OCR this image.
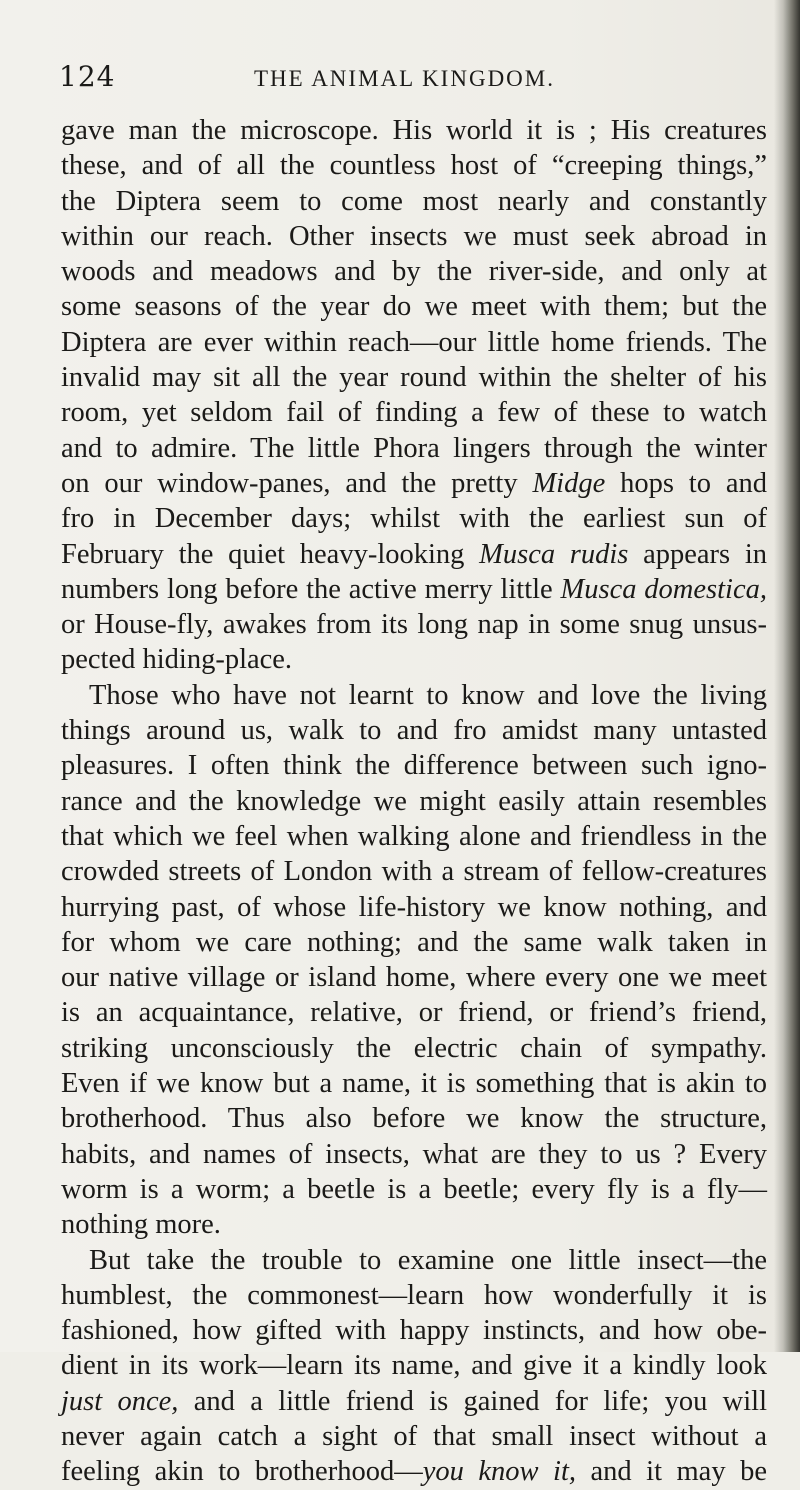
124	THE ANIMAL KINGDOM.
gave man the microscope. His world it is ; His creatures
these, and of all the countless host of “creeping things,”
the Diptera seem to come most nearly and constantly
within our reach. Other insects we must seek abroad in
woods and meadows and by the river-side, and only at
some seasons of the year do we meet with them; but the
Diptera are ever within reach—our little home friends. The
invalid may sit all the year round within the shelter of his
room, yet seldom fail of finding a few of these to watch
and to admire. The little Phora lingers through the winter
on our window-panes, and the pretty Midge hops to and
fro in December days; whilst with the earliest sun of
February the quiet heavy-looking Musca rudis appears in
numbers long before the active merry little Musca domestica,
or House-fly, awakes from its long nap in some snug unsus-
pected hiding-place.
Those who have not learnt to know and love the living
things around us, walk to and fro amidst many untasted
pleasures. I often think the difference between such igno-
rance and the knowledge we might easily attain resembles
that which we feel when walking alone and friendless in the
crowded streets of London with a stream of fellow-creatures
hurrying past, of whose life-history we know nothing, and
for whom we care nothing; and the same walk taken in
our native village or island home, where every one we meet
is an acquaintance, relative, or friend, or friend’s friend,
striking unconsciously the electric chain of sympathy.
Even if we know but a name, it is something that is akin to
brotherhood. Thus also before we know the structure,
habits, and names of insects, what are they to us ? Every
worm is a worm; a beetle is a beetle; every fly is a fly—
nothing more.
But take the trouble to examine one little insect—the
humblest, the commonest—learn how wonderfully it is
fashioned, how gifted with happy instincts, and how obe-
dient in its work—learn its name, and give it a kindly look
just once, and a little friend is gained for life; you will
never again catch a sight of that small insect without a
feeling akin to brotherhood—you know it, and it may be
